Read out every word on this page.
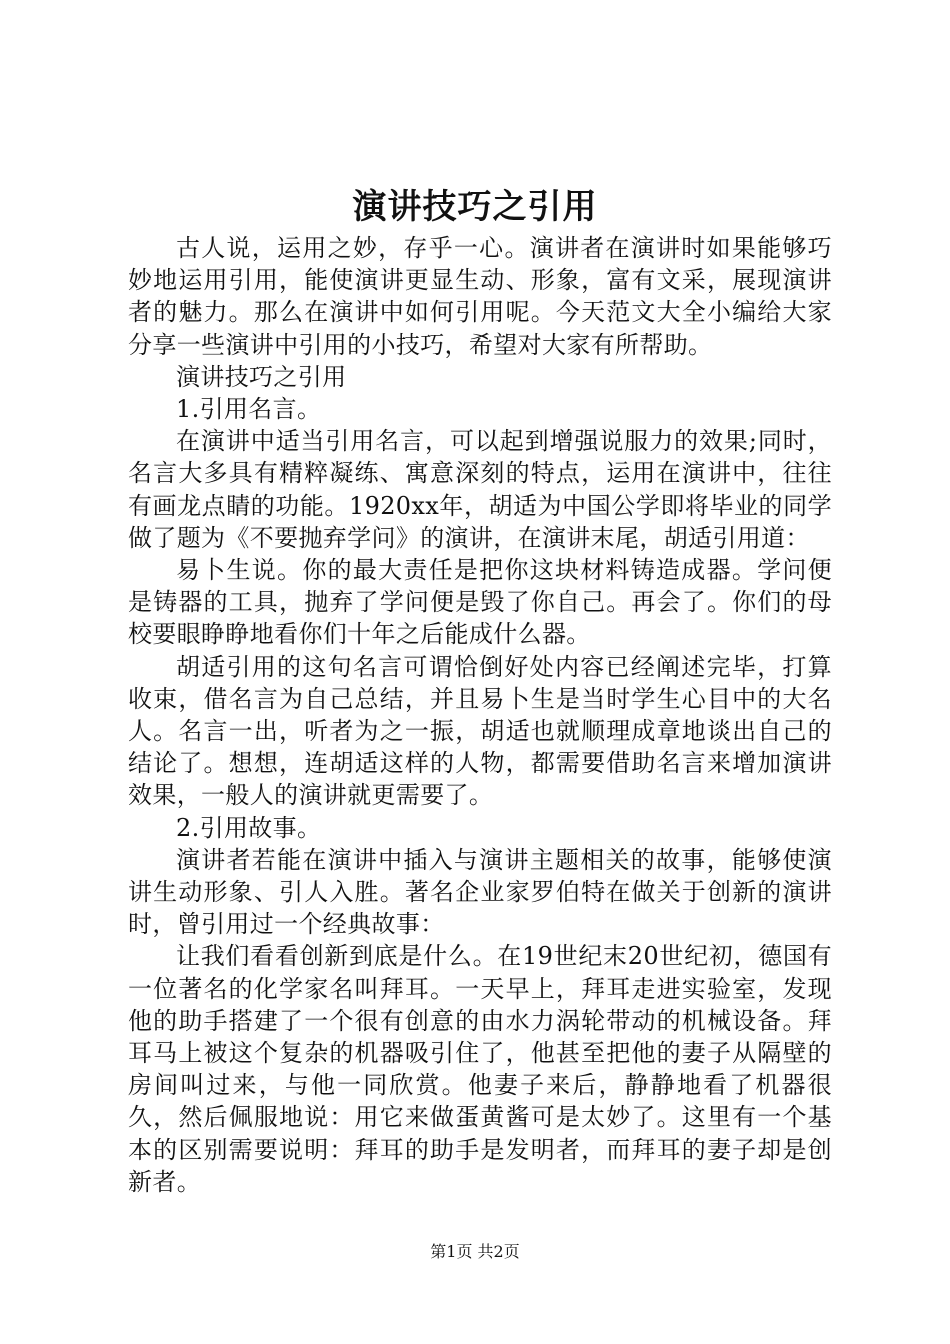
演讲技巧之引用

古人说，运用之妙，存乎一心。演讲者在演讲时如果能够巧妙地运用引用，能使演讲更显生动、形象，富有文采，展现演讲者的魅力。那么在演讲中如何引用呢。今天范文大全小编给大家分享一些演讲中引用的小技巧，希望对大家有所帮助。

演讲技巧之引用

1.引用名言。

在演讲中适当引用名言，可以起到增强说服力的效果;同时，名言大多具有精粹凝练、寓意深刻的特点，运用在演讲中，往往有画龙点睛的功能。1920xx年，胡适为中国公学即将毕业的同学做了题为《不要抛弃学问》的演讲，在演讲末尾，胡适引用道：

易卜生说。你的最大责任是把你这块材料铸造成器。学问便是铸器的工具，抛弃了学问便是毁了你自己。再会了。你们的母校要眼睁睁地看你们十年之后能成什么器。

胡适引用的这句名言可谓恰倒好处内容已经阐述完毕，打算收束，借名言为自己总结，并且易卜生是当时学生心目中的大名人。名言一出，听者为之一振，胡适也就顺理成章地谈出自己的结论了。想想，连胡适这样的人物，都需要借助名言来增加演讲效果，一般人的演讲就更需要了。

2.引用故事。

演讲者若能在演讲中插入与演讲主题相关的故事，能够使演讲生动形象、引人入胜。著名企业家罗伯特在做关于创新的演讲时，曾引用过一个经典故事：

让我们看看创新到底是什么。在19世纪末20世纪初，德国有一位著名的化学家名叫拜耳。一天早上，拜耳走进实验室，发现他的助手搭建了一个很有创意的由水力涡轮带动的机械设备。拜耳马上被这个复杂的机器吸引住了，他甚至把他的妻子从隔壁的房间叫过来，与他一同欣赏。他妻子来后，静静地看了机器很久，然后佩服地说：用它来做蛋黄酱可是太妙了。这里有一个基本的区别需要说明：拜耳的助手是发明者，而拜耳的妻子却是创新者。

第1页 共2页
